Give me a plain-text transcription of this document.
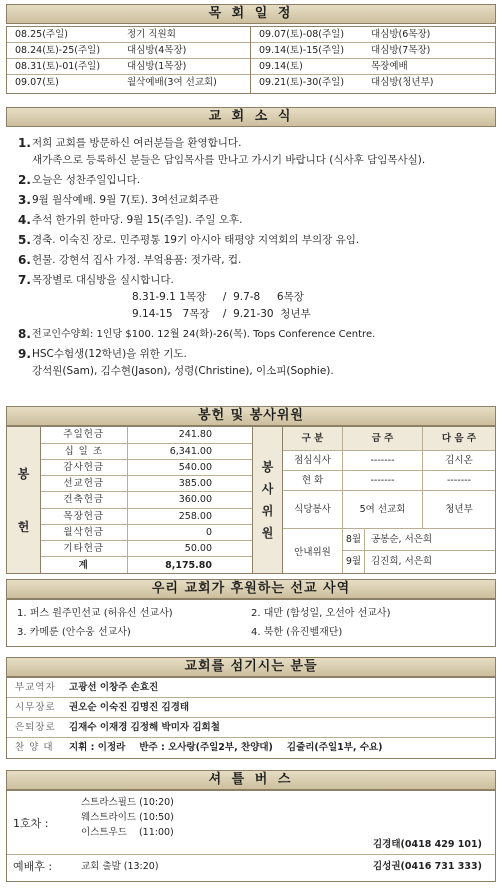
목 회 일 정
08.25(주일)	정기 직원회
08.24(토)-25(주일)	대심방(4목장)
08.31(토)-01(주일)	대심방(1목장)
09.07(토)	월삭예배(3여 선교회)
09.07(토)-08(주일)	대심방(6목장)
09.14(토)-15(주일)	대심방(7목장)
09.14(토)	목장예배
09.21(토)-30(주일)	대심방(청년부)
교 회 소 식
1. 저희 교회를 방문하신 여러분들을 환영합니다.
새가족으로 등록하신 분들은 담임목사를 만나고 가시기 바랍니다 (식사후 담임목사실).
2. 오늘은 성찬주일입니다.
3. 9월 월삭예배. 9월 7(토). 3여선교회주관
4. 추석 한가위 한마당. 9월 15(주일). 주일 오후.
5. 경축. 이숙진 장로. 민주평통 19기 아시아 태평양 지역회의 부의장 유임.
6. 헌물. 강현석 집사 가정. 부엌용품: 젓가락, 컵.
7. 목장별로 대심방을 실시합니다.
8.31-9.1 1목장     /  9.7-8     6목장
9.14-15   7목장    /  9.21-30  청년부
8. 전교인수양회: 1인당 $100. 12월 24(화)-26(목). Tops Conference Centre.
9. HSC수험생(12학년)을 위한 기도.
강석원(Sam), 김수현(Jason), 성령(Christine), 이소피(Sophie).
봉헌 및 봉사위원
봉
헌
주일헌금	241.80
십 일 조	6,341.00
감사헌금	540.00
선교헌금	385.00
건축헌금	360.00
목장헌금	258.00
월삭헌금	0
기타헌금	50.00
계	8,175.80
봉
사
위
원
구 분	금 주	다 음 주
점심식사	-------	김시온
현 화	-------	-------
식당봉사	5여 선교회	청년부
안내위원
8월	공봉순, 서은희
9월	김진희, 서은희
우리 교회가 후원하는 선교 사역
1. 퍼스 원주민선교 (허유신 선교사)	2. 대만 (함성일, 오선아 선교사)
3. 카메룬 (안수웅 선교사)	4. 북한 (유진벨재단)
교회를 섬기시는 분들
부교역자	고광선 이창주 손효진
시무장로	권오순 이숙진 김명진 김경태
은퇴장로	김재수 이재경 김정해 박미자 김희철
찬 양 대	지휘 : 이정라 반주 : 오사랑(주일2부, 찬양대) 김줄리(주일1부, 수요)
셔 틀 버 스
1호차 :
스트라스필드 (10:20)
웨스트라이드 (10:50)
이스트우드    (11:00)
김경태(0418 429 101)
예배후 :	교회 출발 (13:20)	김성권(0416 731 333)
